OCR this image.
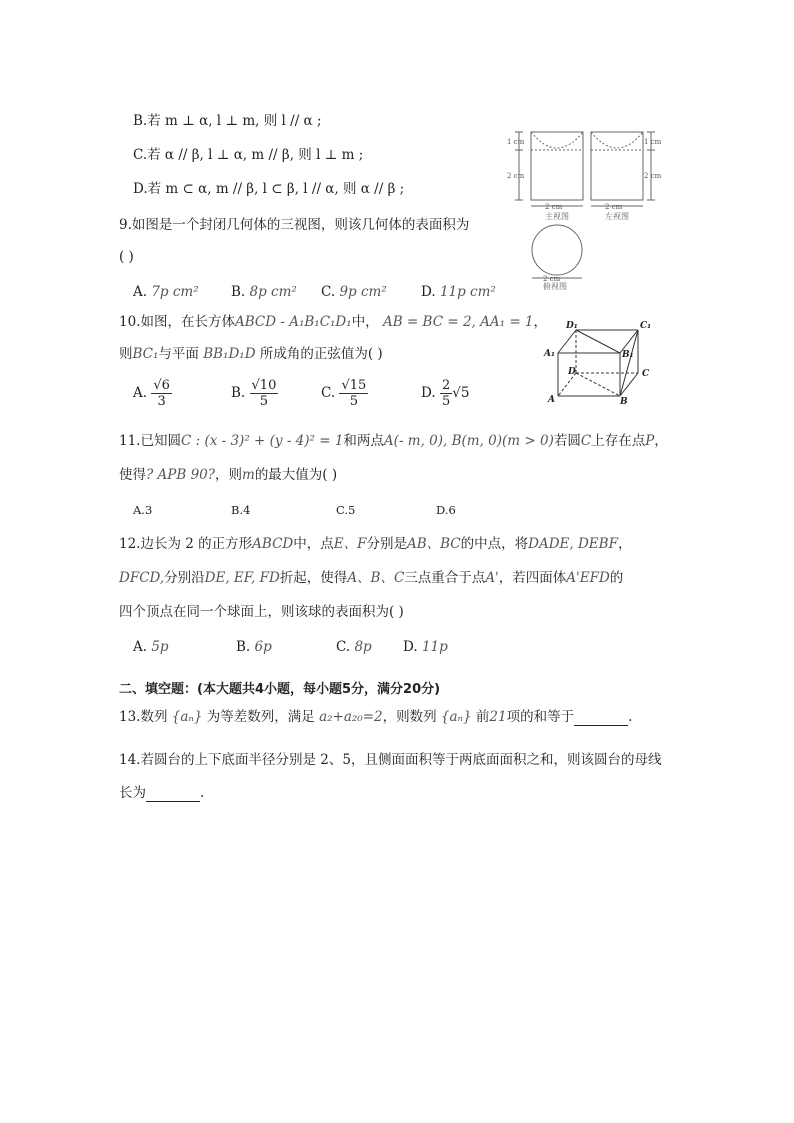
B.若 m ⊥ α, l ⊥ m, 则 l // α ;
C.若 α // β, l ⊥ α, m // β, 则 l ⊥ m ;
D.若 m ⊂ α, m // β, l ⊂ β, l // α, 则 α // β ;
1 cm
2 cm
2 cm
主视图
1 cm
2 cm
2 cm
左视图
2 cm
俯视图
9.如图是一个封闭几何体的三视图，则该几何体的表面积为
( )
A. 7p cm² B. 8p cm² C. 9p cm²	D. 11p cm²
10.如图，在长方体ABCD - A₁B₁C₁D₁中， AB = BC = 2, AA₁ = 1，
则BC₁与平面 BB₁D₁D 所成角的正弦值为( )
A. $\frac{√6}{3}$	B. $\frac{√10}{5}$	C. $\frac{√15}{5}$	D. $\frac{2}{5} √5$
D₁	C₁
A₁	B₁
D	C
A	B
11.已知圆C : (x - 3)² + (y - 4)² = 1和两点A(- m, 0), B(m, 0)(m > 0)若圆C上存在点P，
使得? APB 90?，则m的最大值为( )
A.3	B.4	C.5	D.6
12.边长为 2 的正方形ABCD中，点E、F分别是AB、BC的中点，将DADE, DEBF，
DFCD,分别沿DE, EF, FD折起，使得A、B、C三点重合于点A'，若四面体A'EFD的
四个顶点在同一个球面上，则该球的表面积为( )
A. 5p	B. 6p	C. 8p D. 11p
二、填空题：(本大题共4小题，每小题5分，满分20分)
13.数列 {aₙ} 为等差数列，满足 a₂+a₂₀=2，则数列 {aₙ} 前21项的和等于	.
14.若圆台的上下底面半径分别是 2、5，且侧面面积等于两底面面积之和，则该圆台的母线
长为	.
